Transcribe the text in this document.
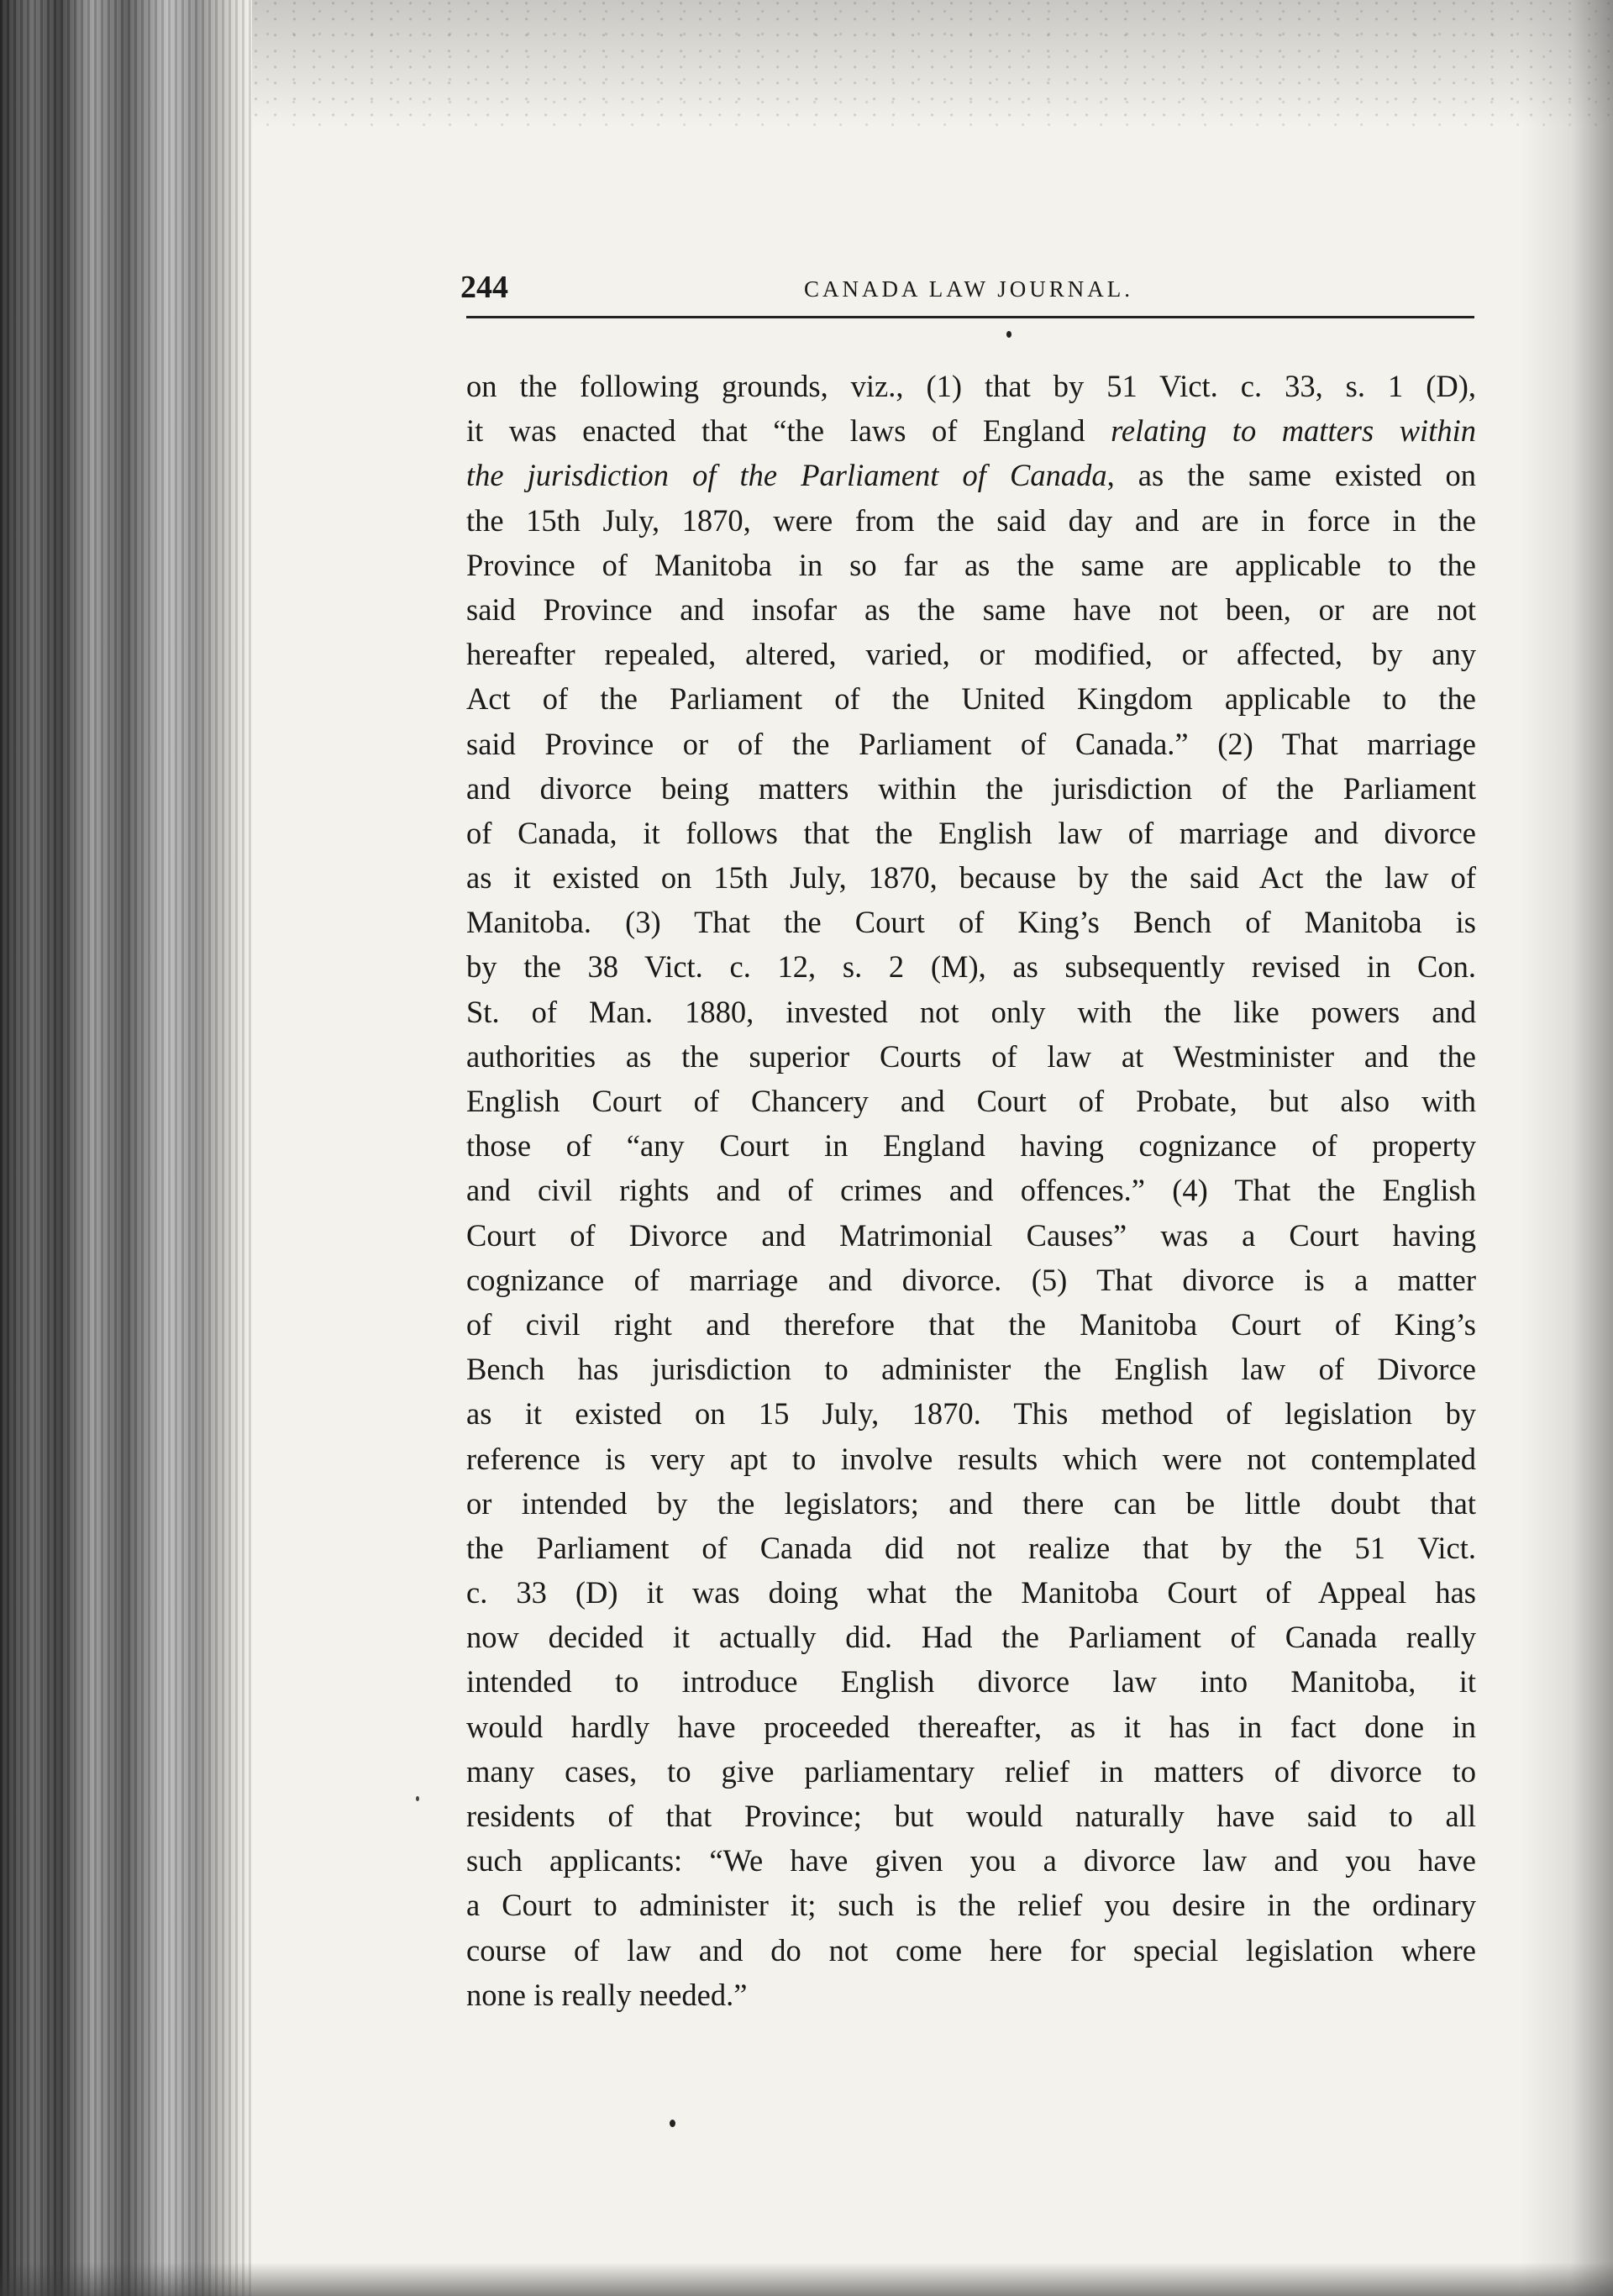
244	CANADA LAW JOURNAL.
on the following grounds, viz., (1) that by 51 Vict. c. 33, s. 1 (D),
it was enacted that “the laws of England relating to matters within
the jurisdiction of the Parliament of Canada, as the same existed on
the 15th July, 1870, were from the said day and are in force in the
Province of Manitoba in so far as the same are applicable to the
said Province and insofar as the same have not been, or are not
hereafter repealed, altered, varied, or modified, or affected, by any
Act of the Parliament of the United Kingdom applicable to the
said Province or of the Parliament of Canada.” (2) That marriage
and divorce being matters within the jurisdiction of the Parliament
of Canada, it follows that the English law of marriage and divorce
as it existed on 15th July, 1870, because by the said Act the law of
Manitoba. (3) That the Court of King’s Bench of Manitoba is
by the 38 Vict. c. 12, s. 2 (M), as subsequently revised in Con.
St. of Man. 1880, invested not only with the like powers and
authorities as the superior Courts of law at Westminister and the
English Court of Chancery and Court of Probate, but also with
those of “any Court in England having cognizance of property
and civil rights and of crimes and offences.” (4) That the English
Court of Divorce and Matrimonial Causes” was a Court having
cognizance of marriage and divorce. (5) That divorce is a matter
of civil right and therefore that the Manitoba Court of King’s
Bench has jurisdiction to administer the English law of Divorce
as it existed on 15 July, 1870. This method of legislation by
reference is very apt to involve results which were not contemplated
or intended by the legislators; and there can be little doubt that
the Parliament of Canada did not realize that by the 51 Vict.
c. 33 (D) it was doing what the Manitoba Court of Appeal has
now decided it actually did. Had the Parliament of Canada really
intended to introduce English divorce law into Manitoba, it
would hardly have proceeded thereafter, as it has in fact done in
many cases, to give parliamentary relief in matters of divorce to
residents of that Province; but would naturally have said to all
such applicants: “We have given you a divorce law and you have
a Court to administer it; such is the relief you desire in the ordinary
course of law and do not come here for special legislation where
none is really needed.”
